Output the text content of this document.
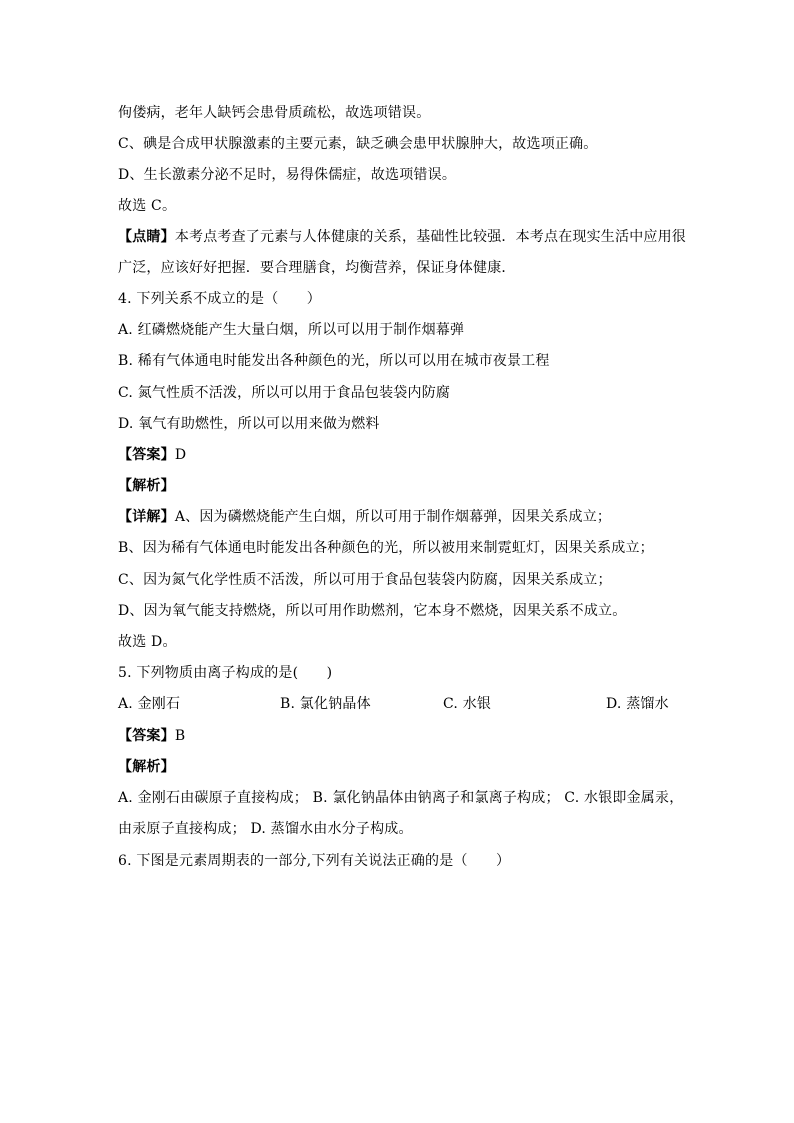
佝偻病，老年人缺钙会患骨质疏松，故选项错误。
C、碘是合成甲状腺激素的主要元素，缺乏碘会患甲状腺肿大，故选项正确。
D、生长激素分泌不足时，易得侏儒症，故选项错误。
故选 C。
【点睛】本考点考查了元素与人体健康的关系，基础性比较强．本考点在现实生活中应用很
广泛，应该好好把握．要合理膳食，均衡营养，保证身体健康．
4. 下列关系不成立的是（　　）
A. 红磷燃烧能产生大量白烟，所以可以用于制作烟幕弹
B. 稀有气体通电时能发出各种颜色的光，所以可以用在城市夜景工程
C. 氮气性质不活泼，所以可以用于食品包装袋内防腐
D. 氧气有助燃性，所以可以用来做为燃料
【答案】D
【解析】
【详解】A、因为磷燃烧能产生白烟，所以可用于制作烟幕弹，因果关系成立；
B、因为稀有气体通电时能发出各种颜色的光，所以被用来制霓虹灯，因果关系成立；
C、因为氮气化学性质不活泼，所以可用于食品包装袋内防腐，因果关系成立；
D、因为氧气能支持燃烧，所以可用作助燃剂，它本身不燃烧，因果关系不成立。
故选 D。
5. 下列物质由离子构成的是(　　)
A. 金刚石	B. 氯化钠晶体	C. 水银	D. 蒸馏水
【答案】B
【解析】
A. 金刚石由碳原子直接构成； B. 氯化钠晶体由钠离子和氯离子构成； C. 水银即金属汞，
由汞原子直接构成； D. 蒸馏水由水分子构成。
6. 下图是元素周期表的一部分,下列有关说法正确的是（　　）
